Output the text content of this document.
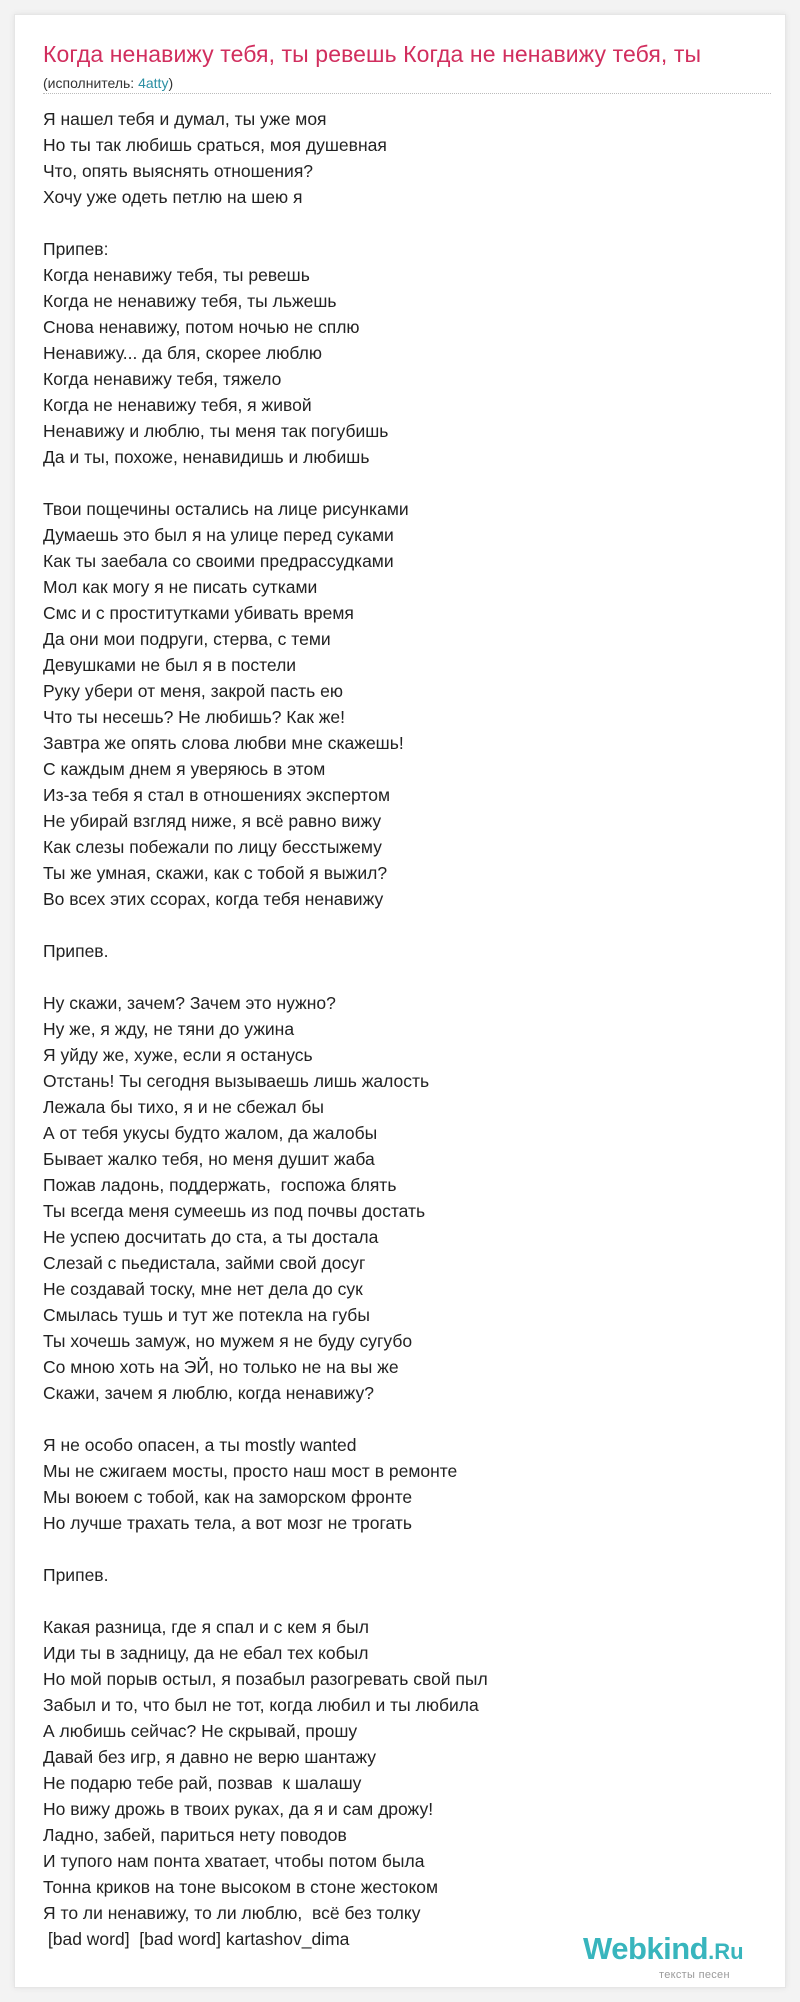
Когда ненавижу тебя, ты ревешь Когда не ненавижу тебя, ты
(исполнитель: 4atty)
Я нашел тебя и думал, ты уже моя
Но ты так любишь сраться, моя душевная
Что, опять выяснять отношения?
Хочу уже одеть петлю на шею я

Припев:
Когда ненавижу тебя, ты ревешь
Когда не ненавижу тебя, ты льжешь
Снова ненавижу, потом ночью не сплю
Ненавижу... да бля, скорее люблю
Когда ненавижу тебя, тяжело
Когда не ненавижу тебя, я живой
Ненавижу и люблю, ты меня так погубишь
Да и ты, похоже, ненавидишь и любишь

Твои пощечины остались на лице рисунками
Думаешь это был я на улице перед суками
Как ты заебала со своими предрассудками
Мол как могу я не писать сутками
Смс и с проститутками убивать время
Да они мои подруги, стерва, с теми
Девушками не был я в постели
Руку убери от меня, закрой пасть ею
Что ты несешь? Не любишь? Как же!
Завтра же опять слова любви мне скажешь!
С каждым днем я уверяюсь в этом
Из-за тебя я стал в отношениях экспертом
Не убирай взгляд ниже, я всё равно вижу
Как слезы побежали по лицу бесстыжему
Ты же умная, скажи, как с тобой я выжил?
Во всех этих ссорах, когда тебя ненавижу

Припев.

Ну скажи, зачем? Зачем это нужно?
Ну же, я жду, не тяни до ужина
Я уйду же, хуже, если я останусь
Отстань! Ты сегодня вызываешь лишь жалость
Лежала бы тихо, я и не сбежал бы
А от тебя укусы будто жалом, да жалобы
Бывает жалко тебя, но меня душит жаба
Пожав ладонь, поддержать,  госпожа блять
Ты всегда меня сумеешь из под почвы достать
Не успею досчитать до ста, а ты достала
Слезай с пьедистала, займи свой досуг
Не создавай тоску, мне нет дела до сук
Смылась тушь и тут же потекла на губы
Ты хочешь замуж, но мужем я не буду сугубо
Со мною хоть на ЭЙ, но только не на вы же
Скажи, зачем я люблю, когда ненавижу?

Я не особо опасен, а ты mostly wanted
Мы не сжигаем мосты, просто наш мост в ремонте
Мы воюем с тобой, как на заморском фронте
Но лучше трахать тела, а вот мозг не трогать

Припев.

Какая разница, где я спал и с кем я был
Иди ты в задницу, да не ебал тех кобыл
Но мой порыв остыл, я позабыл разогревать свой пыл
Забыл и то, что был не тот, когда любил и ты любила
А любишь сейчас? Не скрывай, прошу
Давай без игр, я давно не верю шантажу
Не подарю тебе рай, позвав  к шалашу
Но вижу дрожь в твоих руках, да я и сам дрожу!
Ладно, забей, париться нету поводов
И тупого нам понта хватает, чтобы потом была
Тонна криков на тоне высоком в стоне жестоком
Я то ли ненавижу, то ли люблю,  всё без толку
[bad word]  [bad word] kartashov_dima	Webkind.Ru
тексты песен
